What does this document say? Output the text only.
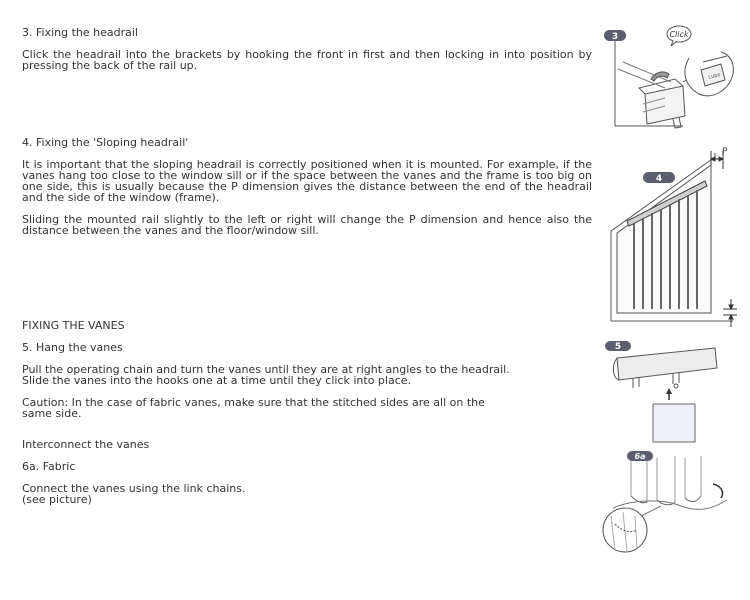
3. Fixing the headrail

Click the headrail into the brackets by hooking the front in first and then locking in into position by pressing the back of the rail up.

4. Fixing the 'Sloping headrail'

It is important that the sloping headrail is correctly positioned when it is mounted. For example, if the vanes hang too close to the window sill or if the space between the vanes and the frame is too big on one side, this is usually because the P dimension gives the distance between the end of the headrail and the side of the window (frame).

Sliding the mounted rail slightly to the left or right will change the P dimension and hence also the distance between the vanes and the floor/window sill.

FIXING THE VANES

5. Hang the vanes

Pull the operating chain and turn the vanes until they are at right angles to the headrail.

Slide the vanes into the hooks one at a time until they click into place.

Caution: In the case of fabric vanes, make sure that the stitched sides are all on the same side.

Interconnect the vanes

6a. Fabric

Connect the vanes using the link chains.

(see picture)

3	Click
Lube
P
4
5
6a
